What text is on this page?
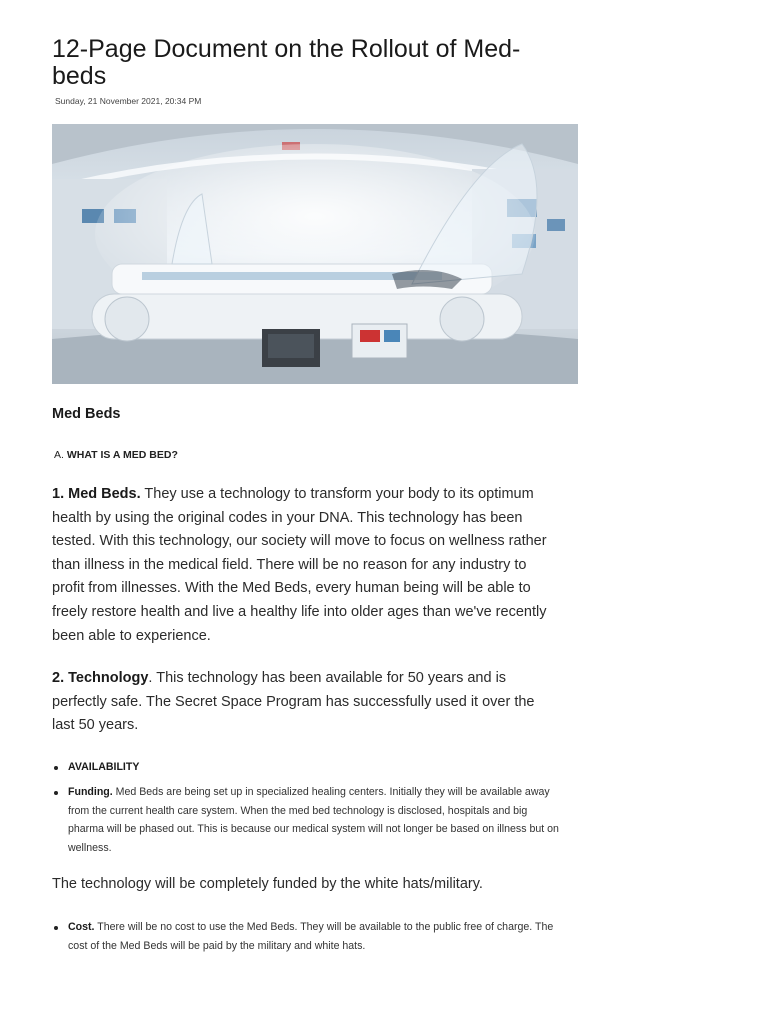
12-Page Document on the Rollout of Med-beds
Sunday, 21 November 2021, 20:34 PM
Med Beds
A. WHAT IS A MED BED?

1. Med Beds. They use a technology to transform your body to its optimum health by using the original codes in your DNA. This technology has been tested. With this technology, our society will move to focus on wellness rather than illness in the medical field. There will be no reason for any industry to profit from illnesses. With the Med Beds, every human being will be able to freely restore health and live a healthy life into older ages than we've recently been able to experience.

2. Technology. This technology has been available for 50 years and is perfectly safe. The Secret Space Program has successfully used it over the last 50 years.

AVAILABILITY
Funding. Med Beds are being set up in specialized healing centers. Initially they will be available away from the current health care system. When the med bed technology is disclosed, hospitals and big pharma will be phased out. This is because our medical system will not longer be based on illness but on wellness.
The technology will be completely funded by the white hats/military.
Cost. There will be no cost to use the Med Beds. They will be available to the public free of charge. The cost of the Med Beds will be paid by the military and white hats.
